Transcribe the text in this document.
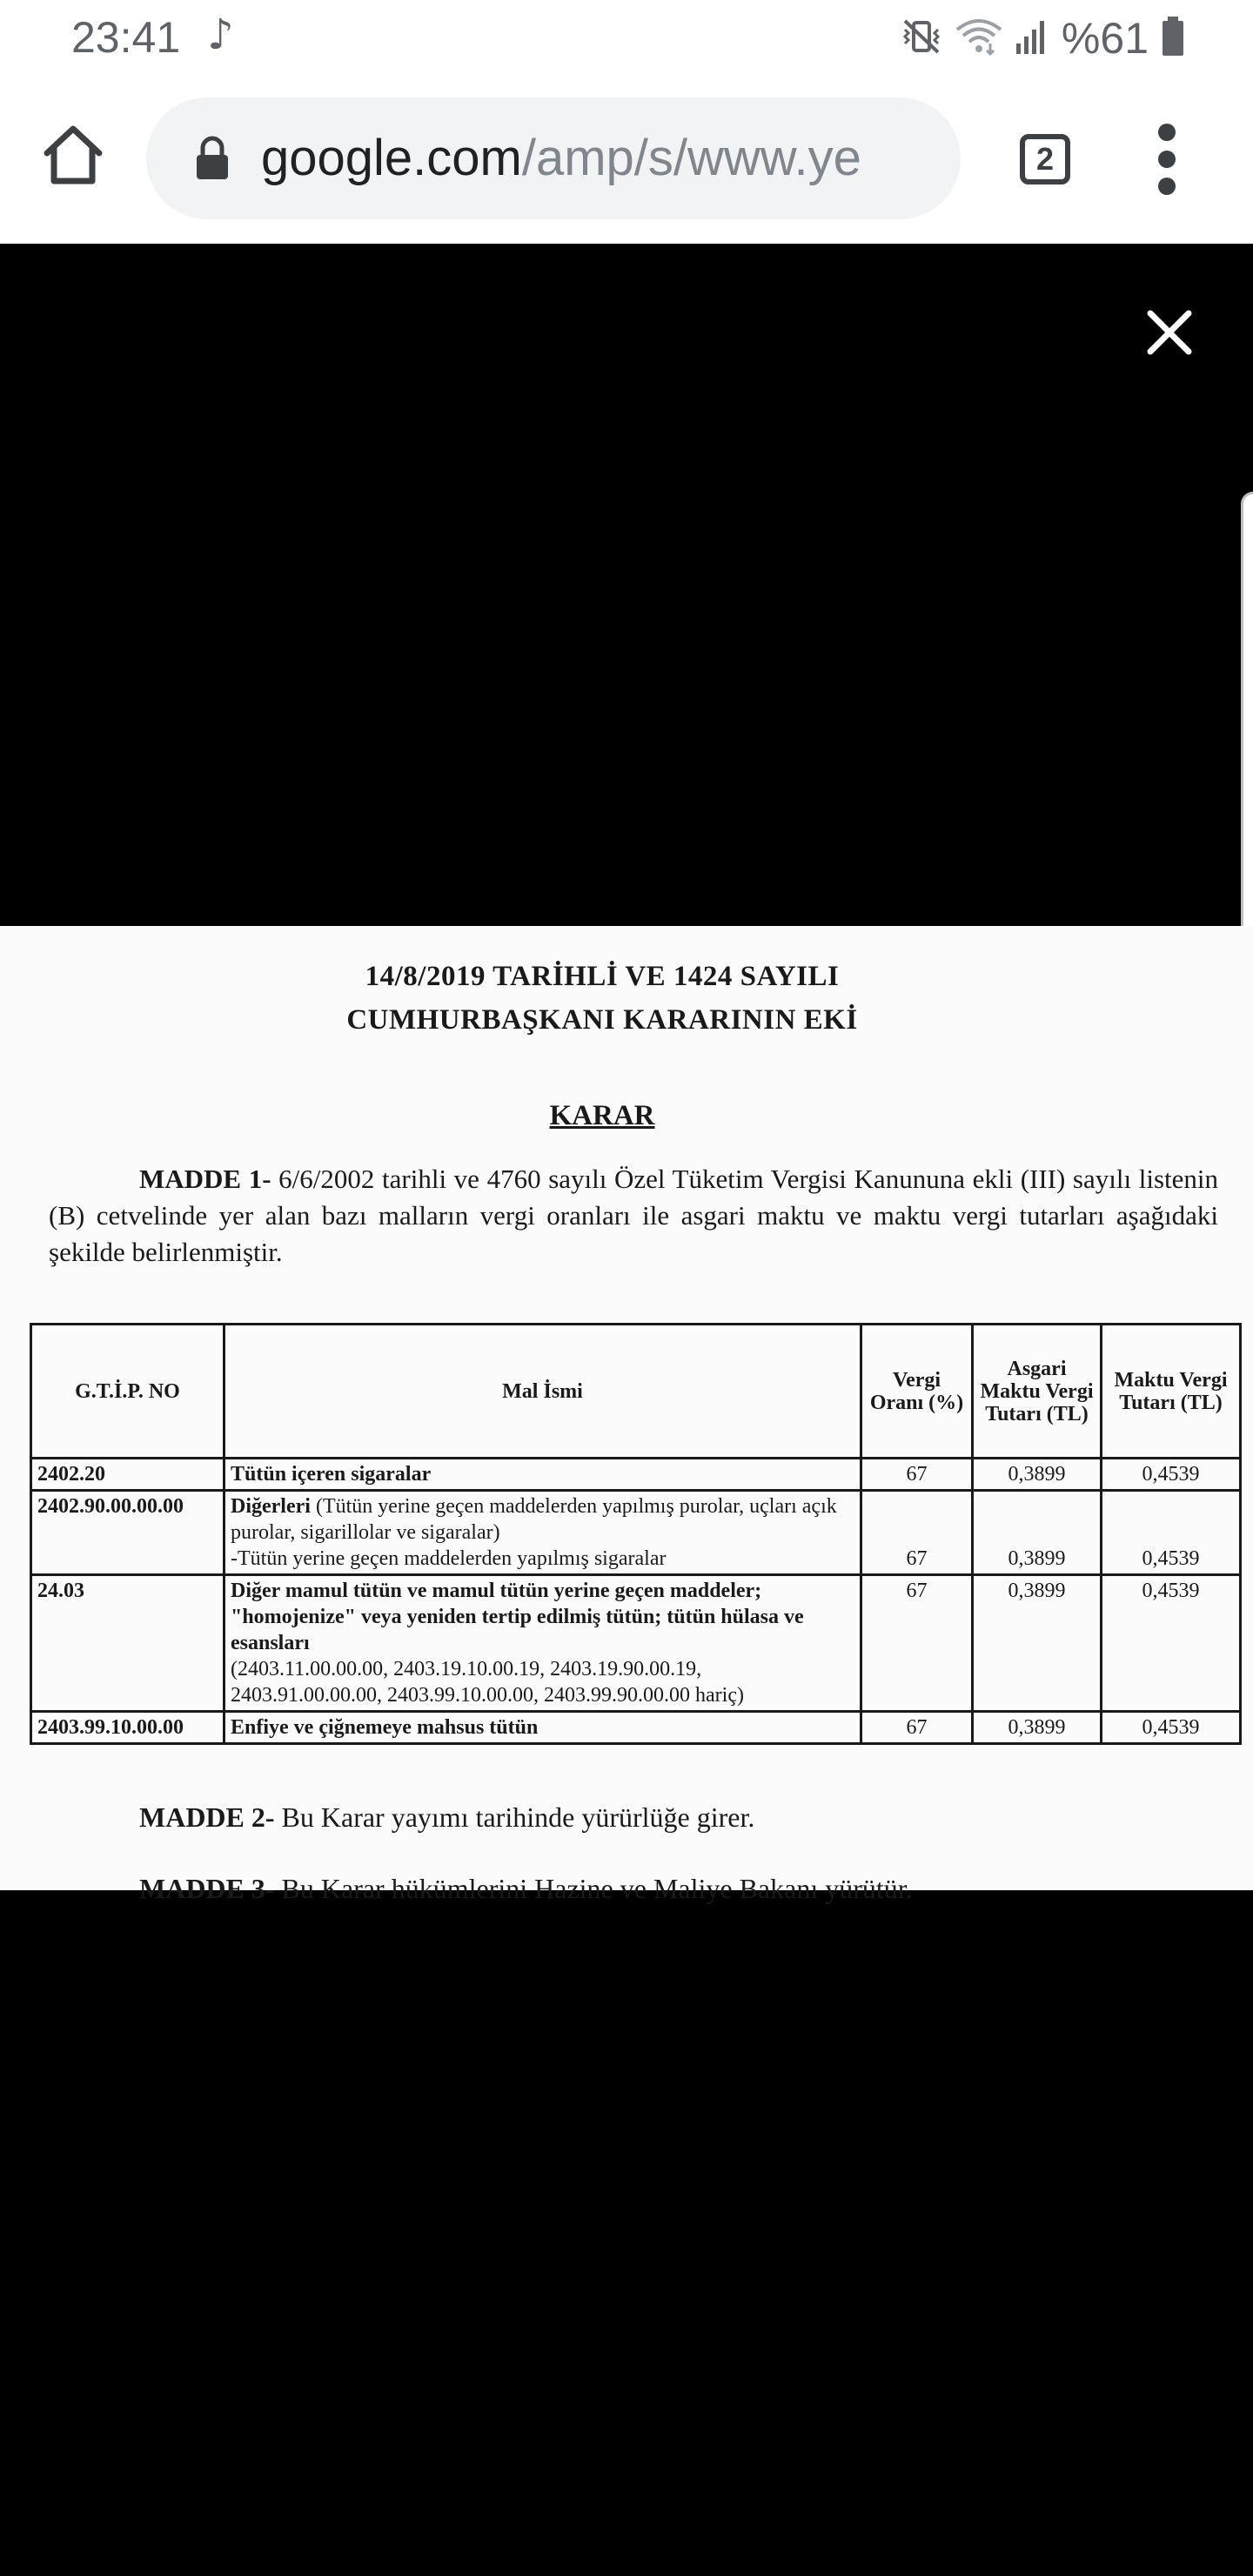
23:41 ♪	%61
google.com/amp/s/www.ye	2
14/8/2019 TARİHLİ VE 1424 SAYILI
CUMHURBAŞKANI KARARININ EKİ
KARAR
MADDE 1- 6/6/2002 tarihli ve 4760 sayılı Özel Tüketim Vergisi Kanununa ekli (III) sayılı listenin (B) cetvelinde yer alan bazı malların vergi oranları ile asgari maktu ve maktu vergi tutarları aşağıdaki şekilde belirlenmiştir.
G.T.İ.P. NO	Mal İsmi	Vergi Oranı (%)	Asgari Maktu Vergi Tutarı (TL)	Maktu Vergi Tutarı (TL)
2402.20	Tütün içeren sigaralar	67	0,3899	0,4539
2402.90.00.00.00	Diğerleri (Tütün yerine geçen maddelerden yapılmış purolar, uçları açık purolar, sigarillolar ve sigaralar)
-Tütün yerine geçen maddelerden yapılmış sigaralar	67	0,3899	0,4539
24.03	Diğer mamul tütün ve mamul tütün yerine geçen maddeler; "homojenize" veya yeniden tertip edilmiş tütün; tütün hülasa ve esansları
(2403.11.00.00.00, 2403.19.10.00.19, 2403.19.90.00.19, 2403.91.00.00.00, 2403.99.10.00.00, 2403.99.90.00.00 hariç)	67	0,3899	0,4539
2403.99.10.00.00	Enfiye ve çiğnemeye mahsus tütün	67	0,3899	0,4539
MADDE 2- Bu Karar yayımı tarihinde yürürlüğe girer.
MADDE 3- Bu Karar hükümlerini Hazine ve Maliye Bakanı yürütür.
